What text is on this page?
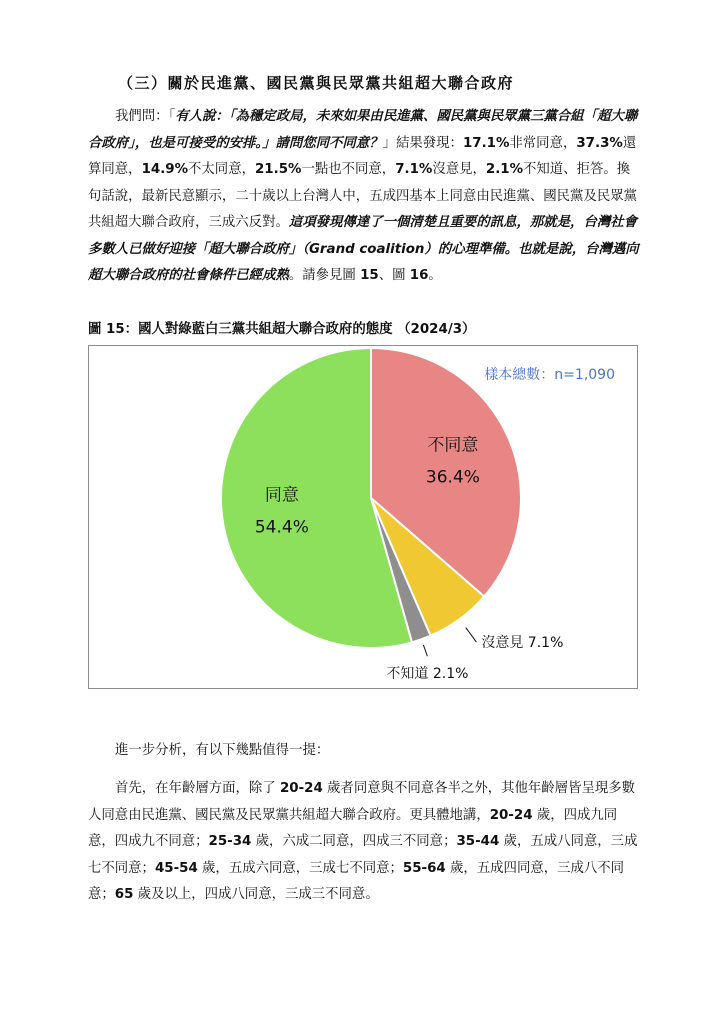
（三）關於民進黨、國民黨與民眾黨共組超大聯合政府
我們問：「有人說：「為穩定政局，未來如果由民進黨、國民黨與民眾黨三黨合組「超大聯合政府」，也是可接受的安排。」請問您同不同意？」結果發現：17.1%非常同意，37.3%還算同意，14.9%不太同意，21.5%一點也不同意，7.1%沒意見，2.1%不知道、拒答。換句話說，最新民意顯示，二十歲以上台灣人中，五成四基本上同意由民進黨、國民黨及民眾黨共組超大聯合政府，三成六反對。這項發現傳達了一個清楚且重要的訊息，那就是，台灣社會多數人已做好迎接「超大聯合政府」（Grand coalition）的心理準備。也就是說，台灣邁向超大聯合政府的社會條件已經成熟。請參見圖 15、圖 16。
圖 15：國人對綠藍白三黨共組超大聯合政府的態度 （2024/3）
不同意
36.4%
同意
54.4%
沒意見 7.1%
不知道 2.1%
樣本總數：n=1,090
進一步分析，有以下幾點值得一提：
首先，在年齡層方面，除了 20-24 歲者同意與不同意各半之外，其他年齡層皆呈現多數人同意由民進黨、國民黨及民眾黨共組超大聯合政府。更具體地講，20-24 歲，四成九同意，四成九不同意；25-34 歲，六成二同意，四成三不同意；35-44 歲，五成八同意，三成七不同意；45-54 歲，五成六同意，三成七不同意；55-64 歲，五成四同意，三成八不同意；65 歲及以上，四成八同意，三成三不同意。
